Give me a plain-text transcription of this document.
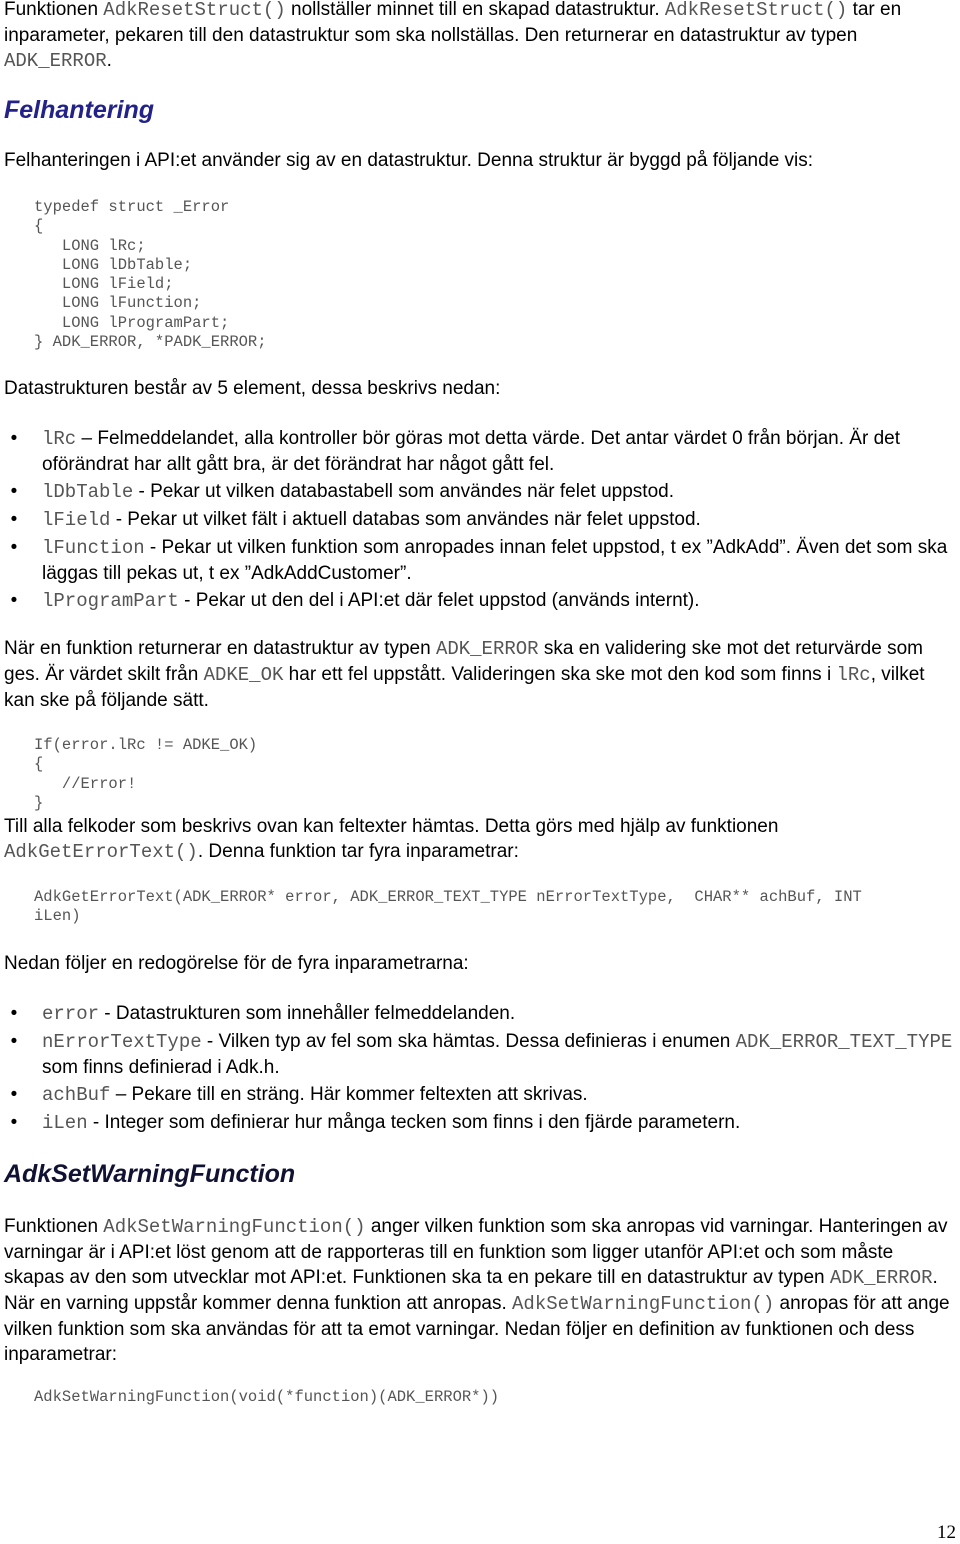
Funktionen AdkResetStruct() nollställer minnet till en skapad datastruktur. AdkResetStruct() tar en inparameter, pekaren till den datastruktur som ska nollställas. Den returnerar en datastruktur av typen ADK_ERROR.

Felhantering

Felhanteringen i API:et använder sig av en datastruktur. Denna struktur är byggd på följande vis:

typedef struct _Error
{
LONG lRc;
LONG lDbTable;
LONG lField;
LONG lFunction;
LONG lProgramPart;
} ADK_ERROR, *PADK_ERROR;

Datastrukturen består av 5 element, dessa beskrivs nedan:

•	lRc – Felmeddelandet, alla kontroller bör göras mot detta värde. Det antar värdet 0 från början. Är det oförändrat har allt gått bra, är det förändrat har något gått fel.
•	lDbTable - Pekar ut vilken databastabell som användes när felet uppstod.
•	lField - Pekar ut vilket fält i aktuell databas som användes när felet uppstod.
•	lFunction - Pekar ut vilken funktion som anropades innan felet uppstod, t ex ”AdkAdd”. Även det som ska läggas till pekas ut, t ex ”AdkAddCustomer”.
•	lProgramPart - Pekar ut den del i API:et där felet uppstod (används internt).

När en funktion returnerar en datastruktur av typen ADK_ERROR ska en validering ske mot det returvärde som ges. Är värdet skilt från ADKE_OK har ett fel uppstått. Valideringen ska ske mot den kod som finns i lRc, vilket kan ske på följande sätt.

If(error.lRc != ADKE_OK)
{
//Error!
}

Till alla felkoder som beskrivs ovan kan feltexter hämtas. Detta görs med hjälp av funktionen AdkGetErrorText(). Denna funktion tar fyra inparametrar:

AdkGetErrorText(ADK_ERROR* error, ADK_ERROR_TEXT_TYPE nErrorTextType,  CHAR** achBuf, INT
iLen)

Nedan följer en redogörelse för de fyra inparametrarna:

•	error - Datastrukturen som innehåller felmeddelanden.
•	nErrorTextType - Vilken typ av fel som ska hämtas. Dessa definieras i enumen ADK_ERROR_TEXT_TYPE som finns definierad i Adk.h.
•	achBuf – Pekare till en sträng. Här kommer feltexten att skrivas.
•	iLen - Integer som definierar hur många tecken som finns i den fjärde parametern.
AdkSetWarningFunction

Funktionen AdkSetWarningFunction() anger vilken funktion som ska anropas vid varningar. Hanteringen av varningar är i API:et löst genom att de rapporteras till en funktion som ligger utanför API:et och som måste skapas av den som utvecklar mot API:et. Funktionen ska ta en pekare till en datastruktur av typen ADK_ERROR. När en varning uppstår kommer denna funktion att anropas. AdkSetWarningFunction() anropas för att ange vilken funktion som ska användas för att ta emot varningar. Nedan följer en definition av funktionen och dess inparametrar:

AdkSetWarningFunction(void(*function)(ADK_ERROR*))
12
